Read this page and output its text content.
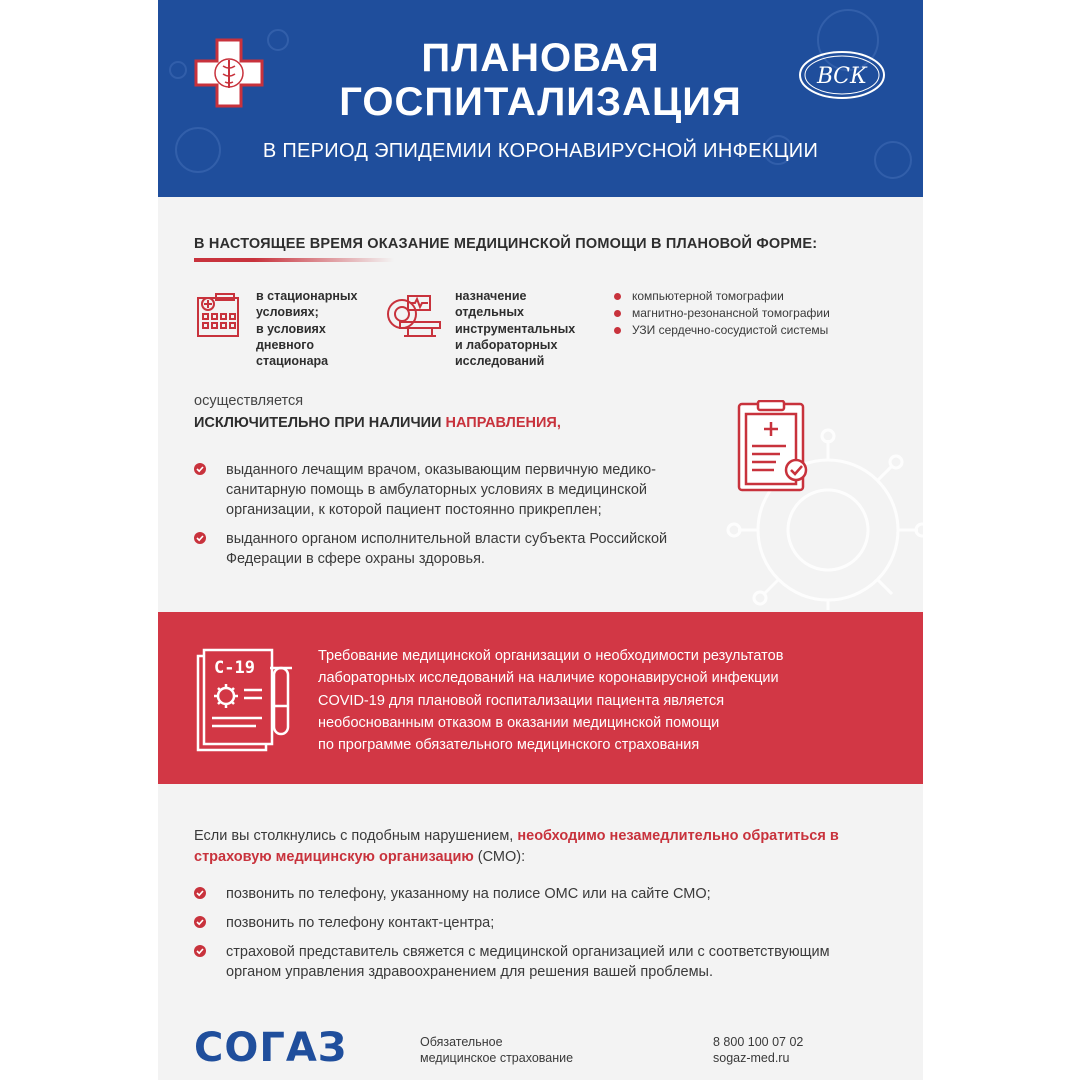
ПЛАНОВАЯ
ГОСПИТАЛИЗАЦИЯ
В ПЕРИОД ЭПИДЕМИИ КОРОНАВИРУСНОЙ ИНФЕКЦИИ
ВСК
В НАСТОЯЩЕЕ ВРЕМЯ ОКАЗАНИЕ МЕДИЦИНСКОЙ ПОМОЩИ В ПЛАНОВОЙ ФОРМЕ:
в стационарных
условиях;
в условиях
дневного
стационара
назначение
отдельных
инструментальных
и лабораторных
исследований
компьютерной томографии
магнитно-резонансной томографии
УЗИ сердечно-сосудистой системы
осуществляется
ИСКЛЮЧИТЕЛЬНО ПРИ НАЛИЧИИ НАПРАВЛЕНИЯ,
выданного лечащим врачом, оказывающим первичную медико-санитарную помощь в амбулаторных условиях в медицинской организации, к которой пациент постоянно прикреплен;
выданного органом исполнительной власти субъекта Российской Федерации в сфере охраны здоровья.
C-19
Требование медицинской организации о необходимости результатов
лабораторных исследований на наличие коронавирусной инфекции
COVID-19 для плановой госпитализации пациента является
необоснованным отказом в оказании медицинской помощи
по программе обязательного медицинского страхования
Если вы столкнулись с подобным нарушением, необходимо незамедлительно обратиться в страховую медицинскую организацию (СМО):
позвонить по телефону, указанному на полисе ОМС или на сайте СМО;
позвонить по телефону контакт-центра;
страховой представитель свяжется с медицинской организацией или с соответствующим органом управления здравоохранением для решения вашей проблемы.
СОГАЗ	Обязательное
медицинское страхование
8 800 100 07 02
sogaz-med.ru
